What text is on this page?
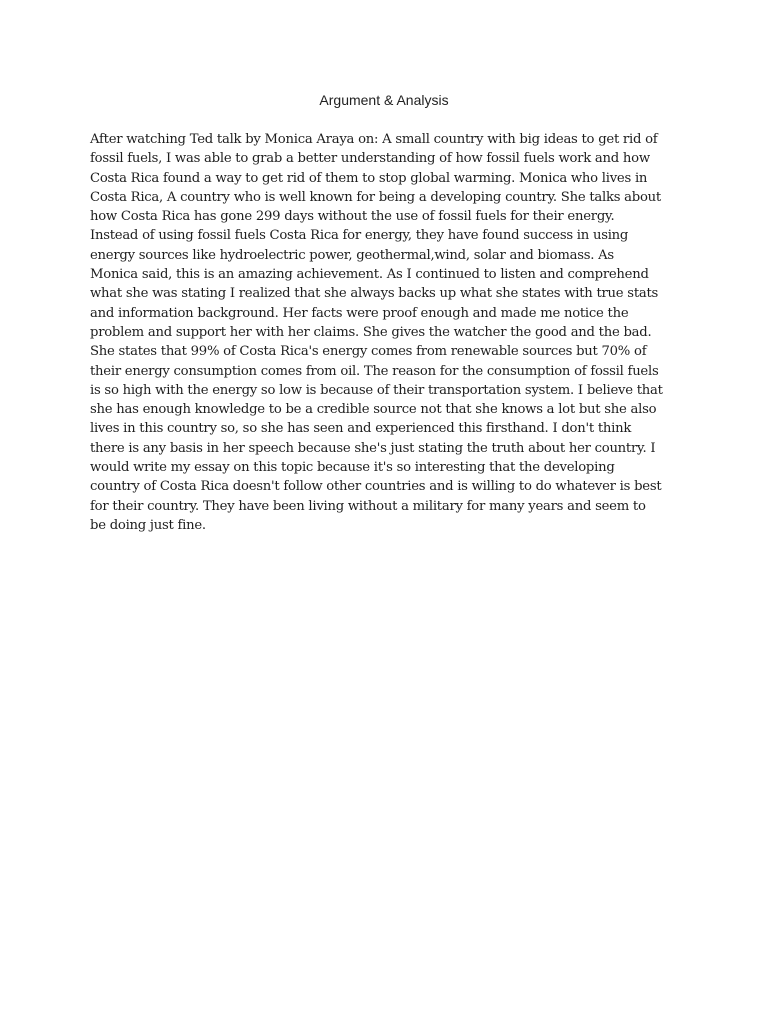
Argument & Analysis

After watching Ted talk by Monica Araya on: A small country with big ideas to get rid of
fossil fuels, I was able to grab a better understanding of how fossil fuels work and how
Costa Rica found a way to get rid of them to stop global warming. Monica who lives in
Costa Rica, A country who is well known for being a developing country. She talks about
how Costa Rica has gone 299 days without the use of fossil fuels for their energy.
Instead of using fossil fuels Costa Rica for energy, they have found success in using
energy sources like hydroelectric power, geothermal,wind, solar and biomass. As
Monica said, this is an amazing achievement. As I continued to listen and comprehend
what she was stating I realized that she always backs up what she states with true stats
and information background. Her facts were proof enough and made me notice the
problem and support her with her claims. She gives the watcher the good and the bad.
She states that 99% of Costa Rica's energy comes from renewable sources but 70% of
their energy consumption comes from oil. The reason for the consumption of fossil fuels
is so high with the energy so low is because of their transportation system. I believe that
she has enough knowledge to be a credible source not that she knows a lot but she also
lives in this country so, so she has seen and experienced this firsthand. I don't think
there is any basis in her speech because she's just stating the truth about her country. I
would write my essay on this topic because it's so interesting that the developing
country of Costa Rica doesn't follow other countries and is willing to do whatever is best
for their country. They have been living without a military for many years and seem to
be doing just fine.
